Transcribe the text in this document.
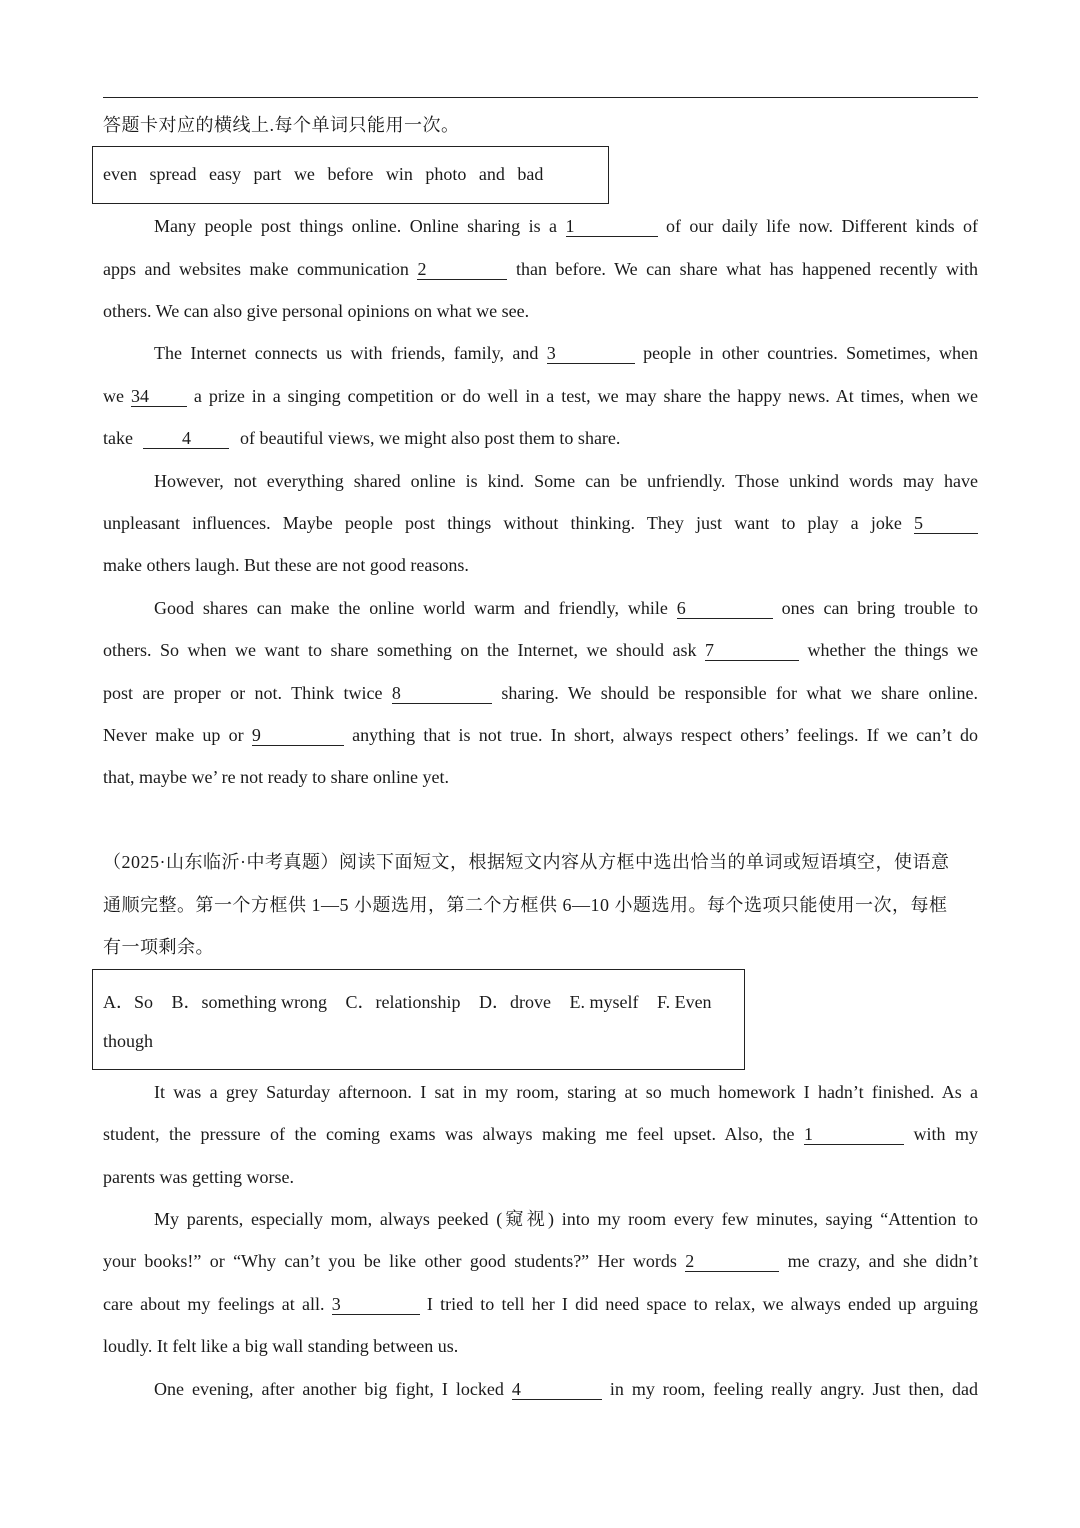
答题卡对应的横线上.每个单词只能用一次。
even spread easy part we before win photo and bad
Many people post things online. Online sharing is a 1	of our daily life now. Different kinds of
apps and websites make communication 2	than before. We can share what has happened recently with
others. We can also give personal opinions on what we see.
The Internet connects us with friends, family, and 3	people in other countries. Sometimes, when
we 34 a prize in a singing competition or do well in a test, we may share the happy news. At times, when we
take	4	of beautiful views, we might also post them to share.
However, not everything shared online is kind. Some can be unfriendly. Those unkind words may have
unpleasant influences. Maybe people post things without thinking. They just want to play a joke 5
make others laugh. But these are not good reasons.
Good shares can make the online world warm and friendly, while 6	ones can bring trouble to
others. So when we want to share something on the Internet, we should ask 7	whether the things we
post are proper or not. Think twice 8	sharing. We should be responsible for what we share online.
Never make up or 9	anything that is not true. In short, always respect others’ feelings. If we can’t do
that, maybe we’ re not ready to share online yet.
（2025·山东临沂·中考真题）阅读下面短文，根据短文内容从方框中选出恰当的单词或短语填空，使语意
通顺完整。第一个方框供 1—5 小题选用，第二个方框供 6—10 小题选用。每个选项只能使用一次，每框
有一项剩余。
A．So B．something wrong C．relationship D．drove E. myself F. Even
though
It was a grey Saturday afternoon. I sat in my room, staring at so much homework I hadn’t finished. As a
student, the pressure of the coming exams was always making me feel upset. Also, the 1	with my
parents was getting worse.
My parents, especially mom, always peeked (窥视) into my room every few minutes, saying “Attention to
your books!” or “Why can’t you be like other good students?” Her words 2	me crazy, and she didn’t
care about my feelings at all. 3	I tried to tell her I did need space to relax, we always ended up arguing
loudly. It felt like a big wall standing between us.
One evening, after another big fight, I locked 4	in my room, feeling really angry. Just then, dad
